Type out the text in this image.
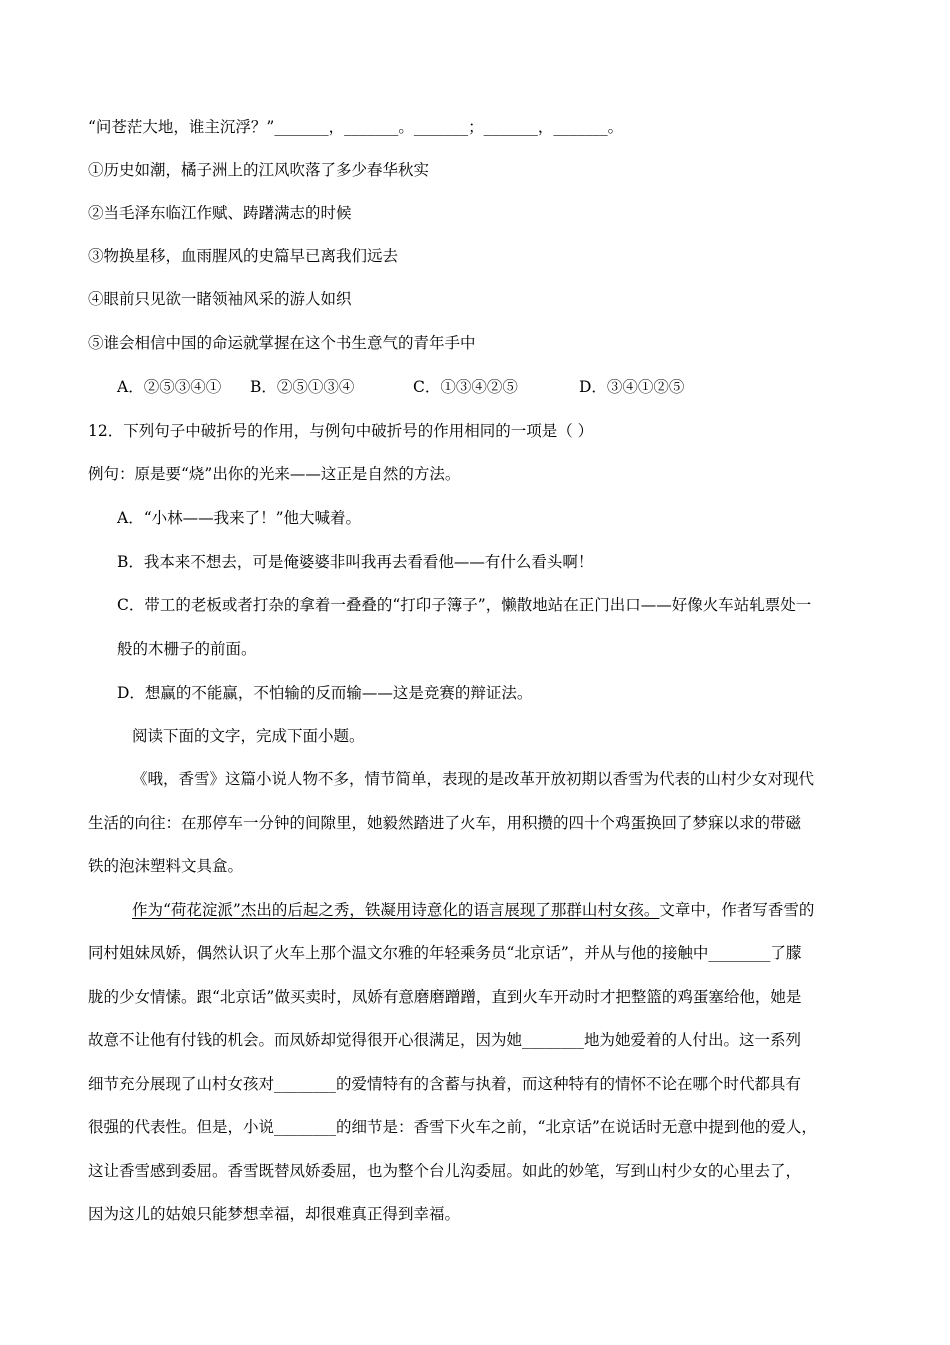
“问苍茫大地，谁主沉浮？”_______，_______。_______；_______，_______。
①历史如潮，橘子洲上的江风吹落了多少春华秋实
②当毛泽东临江作赋、踌躇满志的时候
③物换星移，血雨腥风的史篇早已离我们远去
④眼前只见欲一睹领袖风采的游人如织
⑤谁会相信中国的命运就掌握在这个书生意气的青年手中
A．②⑤③④① B．②⑤①③④	C．①③④②⑤	D．③④①②⑤
12．下列句子中破折号的作用，与例句中破折号的作用相同的一项是（ ）
例句：原是要“烧”出你的光来——这正是自然的方法。
A．“小林——我来了！”他大喊着。
B．我本来不想去，可是俺婆婆非叫我再去看看他——有什么看头啊！
C．带工的老板或者打杂的拿着一叠叠的“打印子簿子”，懒散地站在正门出口——好像火车站轧票处一
般的木栅子的前面。
D．想赢的不能赢，不怕输的反而输——这是竞赛的辩证法。
阅读下面的文字，完成下面小题。
《哦，香雪》这篇小说人物不多，情节简单，表现的是改革开放初期以香雪为代表的山村少女对现代
生活的向往：在那停车一分钟的间隙里，她毅然踏进了火车，用积攒的四十个鸡蛋换回了梦寐以求的带磁
铁的泡沫塑料文具盒。
作为“荷花淀派”杰出的后起之秀，铁凝用诗意化的语言展现了那群山村女孩。文章中，作者写香雪的
同村姐妹凤娇，偶然认识了火车上那个温文尔雅的年轻乘务员“北京话”，并从与他的接触中________了朦
胧的少女情愫。跟“北京话”做买卖时，凤娇有意磨磨蹭蹭，直到火车开动时才把整篮的鸡蛋塞给他，她是
故意不让他有付钱的机会。而凤娇却觉得很开心很满足，因为她________地为她爱着的人付出。这一系列
细节充分展现了山村女孩对________的爱情特有的含蓄与执着，而这种特有的情怀不论在哪个时代都具有
很强的代表性。但是，小说________的细节是：香雪下火车之前，“北京话”在说话时无意中提到他的爱人，
这让香雪感到委屈。香雪既替凤娇委屈，也为整个台儿沟委屈。如此的妙笔，写到山村少女的心里去了，
因为这儿的姑娘只能梦想幸福，却很难真正得到幸福。
